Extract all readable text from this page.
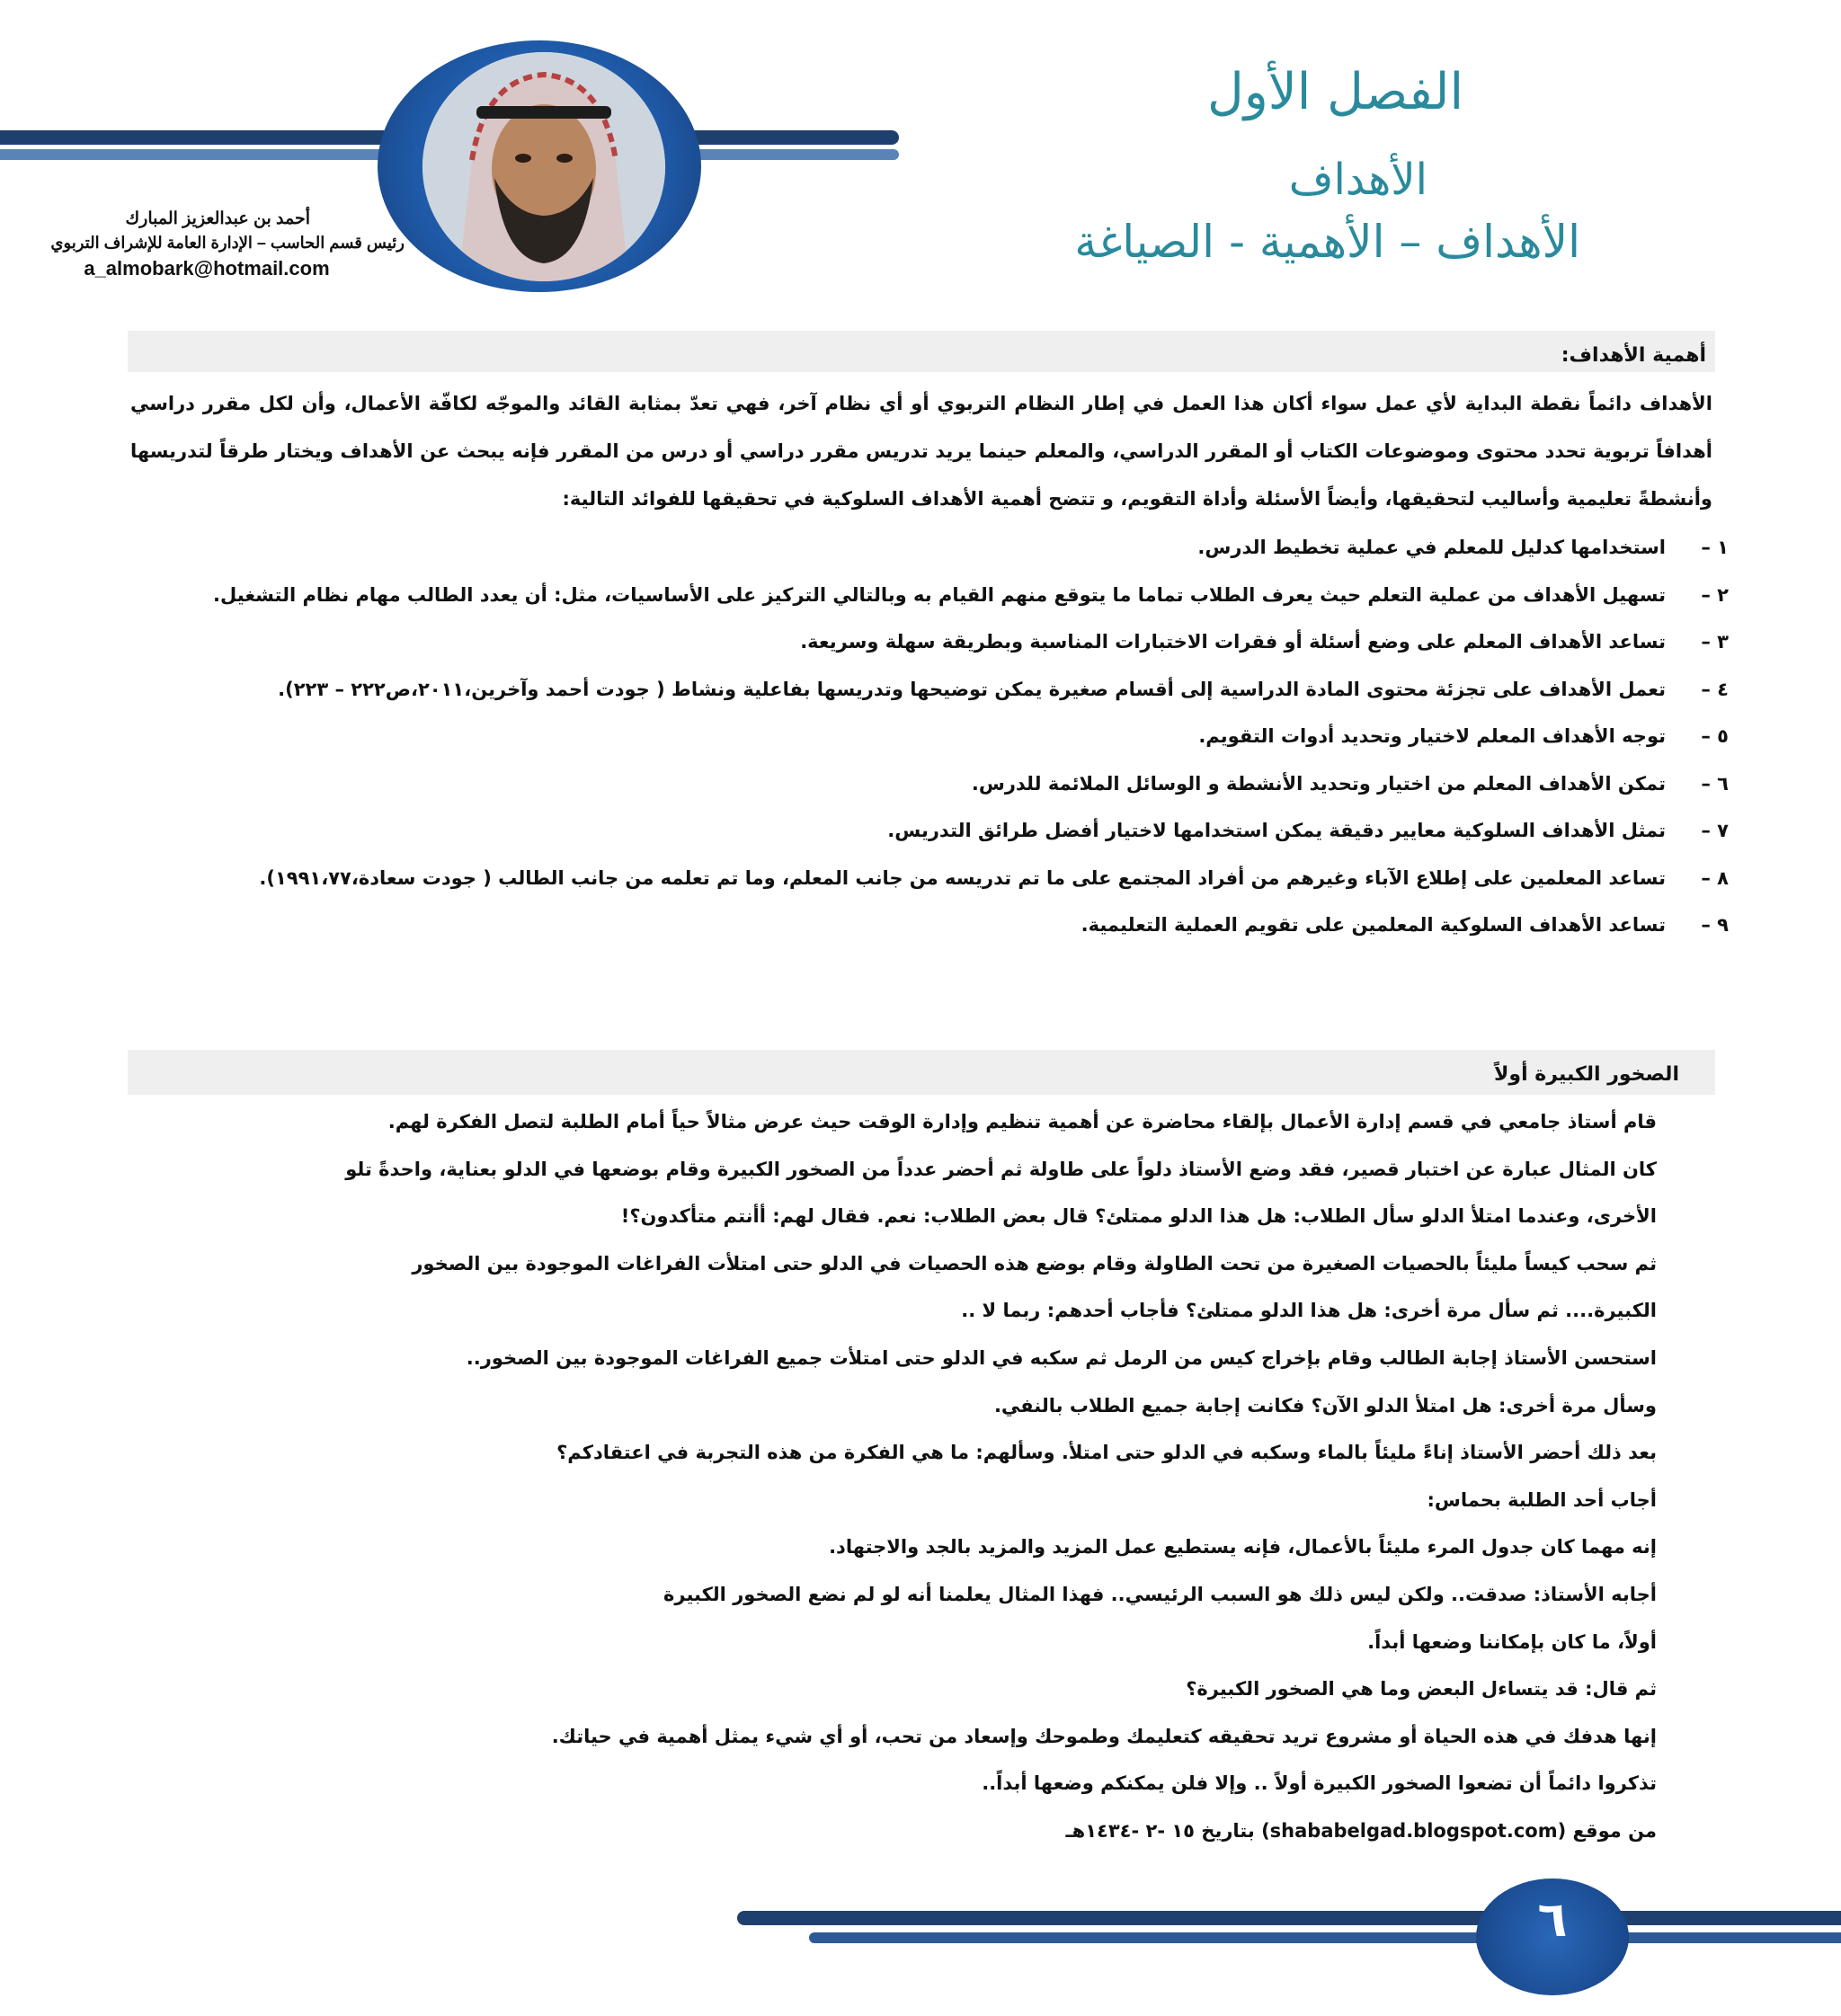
الفصل الأول
الأهداف
الأهداف – الأهمية - الصياغة
أحمد بن عبدالعزيز المبارك
رئيس قسم الحاسب – الإدارة العامة للإشراف التربوي
a_almobark@hotmail.com
أهمية الأهداف:
الأهداف دائماً نقطة البداية لأي عمل سواء أكان هذا العمل في إطار النظام التربوي أو أي نظام آخر، فهي تعدّ بمثابة القائد والموجّه لكافّة الأعمال، وأن لكل مقرر دراسي أهدافاً تربوية تحدد محتوى وموضوعات الكتاب أو المقرر الدراسي، والمعلم حينما يريد تدريس مقرر دراسي أو درس من المقرر فإنه يبحث عن الأهداف ويختار طرقاً لتدريسها وأنشطةً تعليمية وأساليب لتحقيقها، وأيضاً الأسئلة وأداة التقويم، و تتضح أهمية الأهداف السلوكية في تحقيقها للفوائد التالية:
١ –
استخدامها كدليل للمعلم في عملية تخطيط الدرس.
٢ –
تسهيل الأهداف من عملية التعلم حيث يعرف الطلاب تماما ما يتوقع منهم القيام به وبالتالي التركيز على الأساسيات، مثل: أن يعدد الطالب مهام نظام التشغيل.
٣ –
تساعد الأهداف المعلم على وضع أسئلة أو فقرات الاختبارات المناسبة وبطريقة سهلة وسريعة.
٤ –
تعمل الأهداف على تجزئة محتوى المادة الدراسية إلى أقسام صغيرة يمكن توضيحها وتدريسها بفاعلية ونشاط ( جودت أحمد وآخرين،٢٠١١،ص٢٢٢ – ٢٢٣).
٥ –
توجه الأهداف المعلم لاختيار وتحديد أدوات التقويم.
٦ –
تمكن الأهداف المعلم من اختيار وتحديد الأنشطة و الوسائل الملائمة للدرس.
٧ –
تمثل الأهداف السلوكية معايير دقيقة يمكن استخدامها لاختيار أفضل طرائق التدريس.
٨ –
تساعد المعلمين على إطلاع الآباء وغيرهم من أفراد المجتمع على ما تم تدريسه من جانب المعلم، وما تم تعلمه من جانب الطالب ( جودت سعادة،١٩٩١،٧٧).
٩ –
تساعد الأهداف السلوكية المعلمين على تقويم العملية التعليمية.
الصخور الكبيرة أولاً
قام أستاذ جامعي في قسم إدارة الأعمال بإلقاء محاضرة عن أهمية تنظيم وإدارة الوقت حيث عرض مثالاً حياً أمام الطلبة لتصل الفكرة لهم.
كان المثال عبارة عن اختبار قصير، فقد وضع الأستاذ دلواً على طاولة ثم أحضر عدداً من الصخور الكبيرة وقام بوضعها في الدلو بعناية، واحدةً تلو
الأخرى، وعندما امتلأ الدلو سأل الطلاب: هل هذا الدلو ممتلئ؟ قال بعض الطلاب: نعم. فقال لهم: أأنتم متأكدون؟!
ثم سحب كيساً مليئاً بالحصيات الصغيرة من تحت الطاولة وقام بوضع هذه الحصيات في الدلو حتى امتلأت الفراغات الموجودة بين الصخور
الكبيرة.... ثم سأل مرة أخرى: هل هذا الدلو ممتلئ؟ فأجاب أحدهم: ربما لا ..
استحسن الأستاذ إجابة الطالب وقام بإخراج كيس من الرمل ثم سكبه في الدلو حتى امتلأت جميع الفراغات الموجودة بين الصخور..
وسأل مرة أخرى: هل امتلأ الدلو الآن؟ فكانت إجابة جميع الطلاب بالنفي.
بعد ذلك أحضر الأستاذ إناءً مليئاً بالماء وسكبه في الدلو حتى امتلأ. وسألهم: ما هي الفكرة من هذه التجربة في اعتقادكم؟
أجاب أحد الطلبة بحماس:
إنه مهما كان جدول المرء مليئاً بالأعمال، فإنه يستطيع عمل المزيد والمزيد بالجد والاجتهاد.
أجابه الأستاذ: صدقت.. ولكن ليس ذلك هو السبب الرئيسي.. فهذا المثال يعلمنا أنه لو لم نضع الصخور الكبيرة
أولاً، ما كان بإمكاننا وضعها أبداً.
ثم قال: قد يتساءل البعض وما هي الصخور الكبيرة؟
إنها هدفك في هذه الحياة أو مشروع تريد تحقيقه كتعليمك وطموحك وإسعاد من تحب، أو أي شيء يمثل أهمية في حياتك.
تذكروا دائماً أن تضعوا الصخور الكبيرة أولاً .. وإلا فلن يمكنكم وضعها أبداً..
من موقع (shababelgad.blogspot.com) بتاريخ ١٥ -٢ -١٤٣٤هـ
٦
